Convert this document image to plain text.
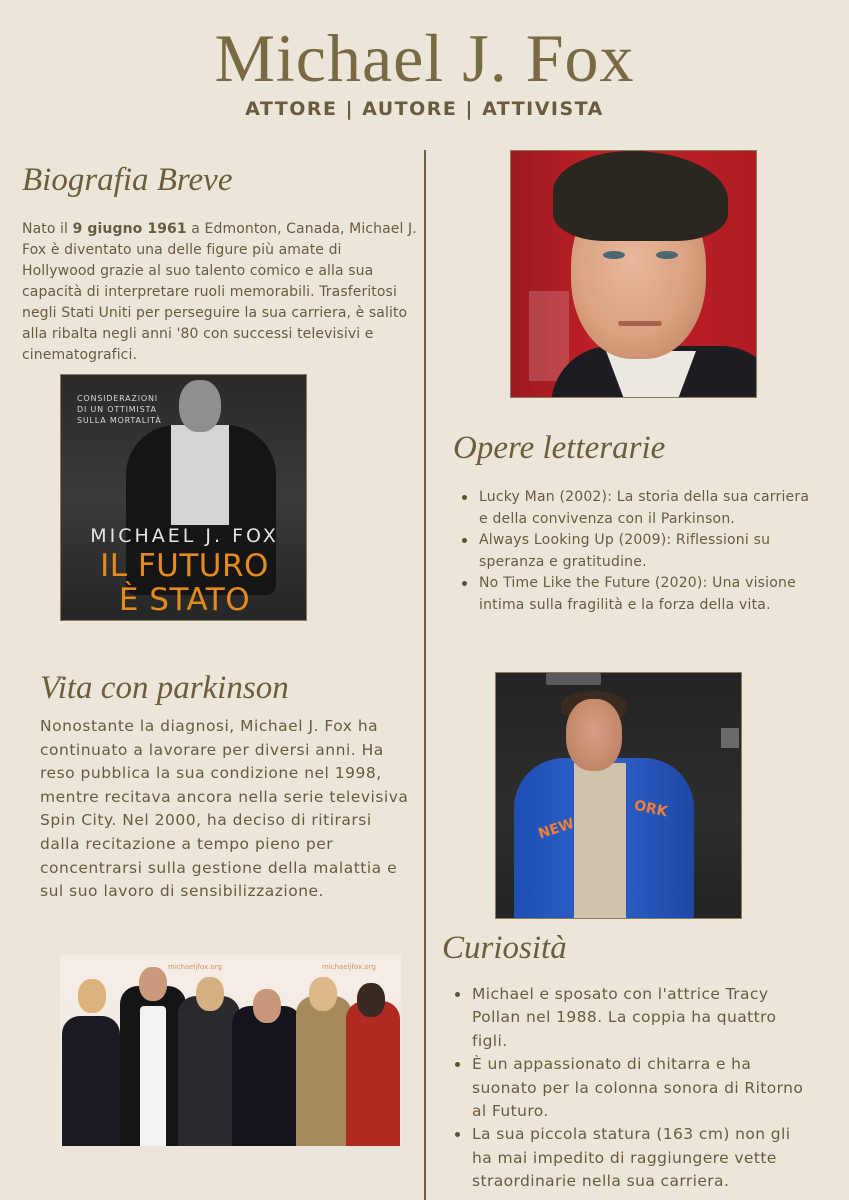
Michael J. Fox
ATTORE | AUTORE | ATTIVISTA
Biografia Breve

Nato il 9 giugno 1961 a Edmonton, Canada, Michael J. Fox è diventato una delle figure più amate di Hollywood grazie al suo talento comico e alla sua capacità di interpretare ruoli memorabili. Trasferitosi negli Stati Uniti per perseguire la sua carriera, è salito alla ribalta negli anni '80 con successi televisivi e cinematografici.

CONSIDERAZIONI
DI UN OTTIMISTA
SULLA MORTALITÀ
MICHAEL J. FOX
IL FUTURO
È STATO
Opere letterarie
Lucky Man (2002): La storia della sua carriera e della convivenza con il Parkinson.
Always Looking Up (2009): Riflessioni su speranza e gratitudine.
No Time Like the Future (2020): Una visione intima sulla fragilità e la forza della vita.
Vita con parkinson

Nonostante la diagnosi, Michael J. Fox ha continuato a lavorare per diversi anni. Ha reso pubblica la sua condizione nel 1998, mentre recitava ancora nella serie televisiva Spin City. Nel 2000, ha deciso di ritirarsi dalla recitazione a tempo pieno per concentrarsi sulla gestione della malattia e sul suo lavoro di sensibilizzazione.

NEW
ORK
Curiosità
Michael e sposato con l'attrice Tracy Pollan nel 1988. La coppia ha quattro figli.
È un appassionato di chitarra e ha suonato per la colonna sonora di Ritorno al Futuro.
La sua piccola statura (163 cm) non gli ha mai impedito di raggiungere vette straordinarie nella sua carriera.
michaeljfox.org	michaeljfox.org
